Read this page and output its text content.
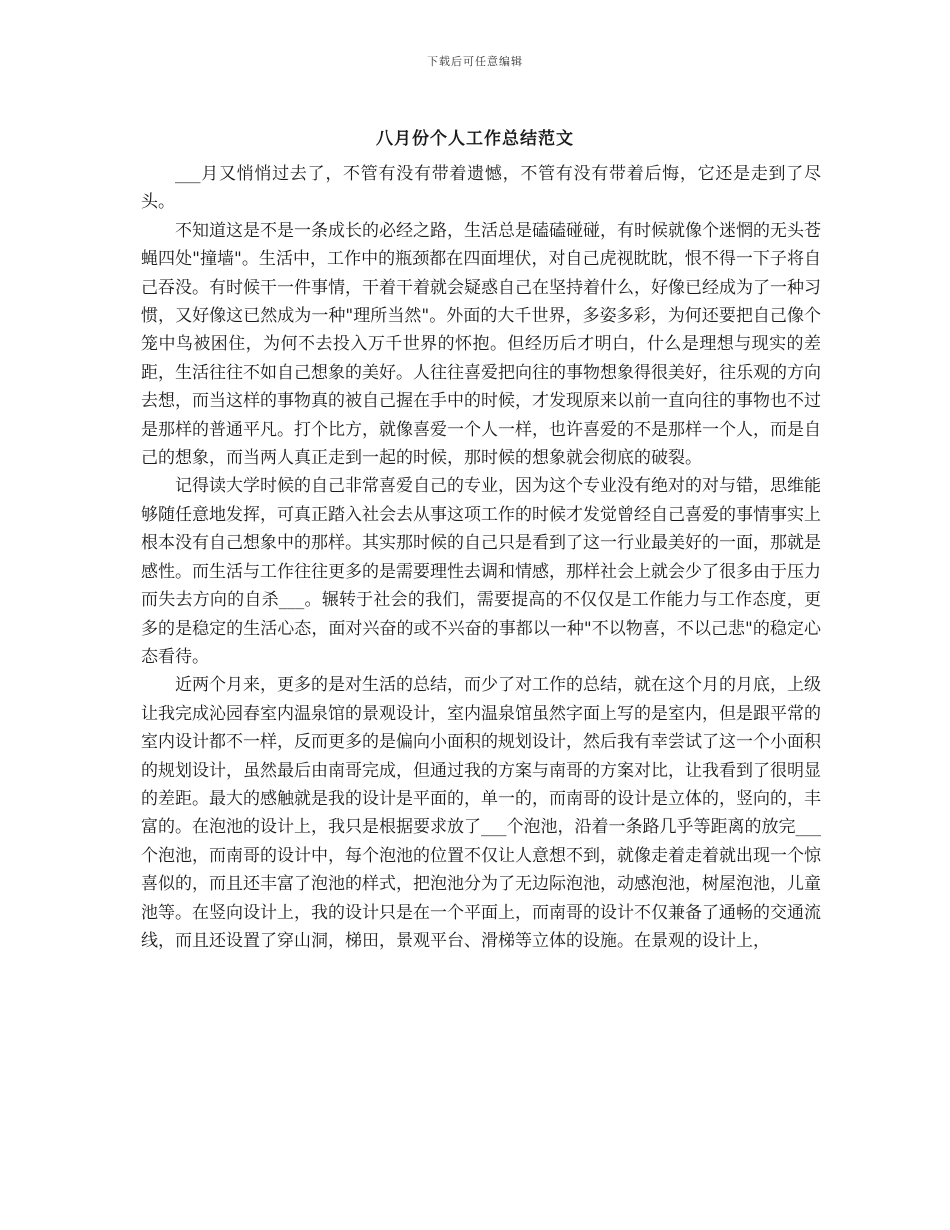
下载后可任意编辑
八月份个人工作总结范文

___月又悄悄过去了，不管有没有带着遗憾，不管有没有带着后悔，它还是走到了尽头。

不知道这是不是一条成长的必经之路，生活总是磕磕碰碰，有时候就像个迷惘的无头苍蝇四处"撞墙"。生活中，工作中的瓶颈都在四面埋伏，对自己虎视眈眈，恨不得一下子将自己吞没。有时候干一件事情，干着干着就会疑惑自己在坚持着什么，好像已经成为了一种习惯，又好像这已然成为一种"理所当然"。外面的大千世界，多姿多彩，为何还要把自己像个笼中鸟被困住，为何不去投入万千世界的怀抱。但经历后才明白，什么是理想与现实的差距，生活往往不如自己想象的美好。人往往喜爱把向往的事物想象得很美好，往乐观的方向去想，而当这样的事物真的被自己握在手中的时候，才发现原来以前一直向往的事物也不过是那样的普通平凡。打个比方，就像喜爱一个人一样，也许喜爱的不是那样一个人，而是自己的想象，而当两人真正走到一起的时候，那时候的想象就会彻底的破裂。

记得读大学时候的自己非常喜爱自己的专业，因为这个专业没有绝对的对与错，思维能够随任意地发挥，可真正踏入社会去从事这项工作的时候才发觉曾经自己喜爱的事情事实上根本没有自己想象中的那样。其实那时候的自己只是看到了这一行业最美好的一面，那就是感性。而生活与工作往往更多的是需要理性去调和情感，那样社会上就会少了很多由于压力而失去方向的自杀___。辗转于社会的我们，需要提高的不仅仅是工作能力与工作态度，更多的是稳定的生活心态，面对兴奋的或不兴奋的事都以一种"不以物喜，不以己悲"的稳定心态看待。

近两个月来，更多的是对生活的总结，而少了对工作的总结，就在这个月的月底，上级让我完成沁园春室内温泉馆的景观设计，室内温泉馆虽然字面上写的是室内，但是跟平常的室内设计都不一样，反而更多的是偏向小面积的规划设计，然后我有幸尝试了这一个小面积的规划设计，虽然最后由南哥完成，但通过我的方案与南哥的方案对比，让我看到了很明显的差距。最大的感触就是我的设计是平面的，单一的，而南哥的设计是立体的，竖向的，丰富的。在泡池的设计上，我只是根据要求放了___个泡池，沿着一条路几乎等距离的放完___个泡池，而南哥的设计中，每个泡池的位置不仅让人意想不到，就像走着走着就出现一个惊喜似的，而且还丰富了泡池的样式，把泡池分为了无边际泡池，动感泡池，树屋泡池，儿童池等。在竖向设计上，我的设计只是在一个平面上，而南哥的设计不仅兼备了通畅的交通流线，而且还设置了穿山洞，梯田，景观平台、滑梯等立体的设施。在景观的设计上，
